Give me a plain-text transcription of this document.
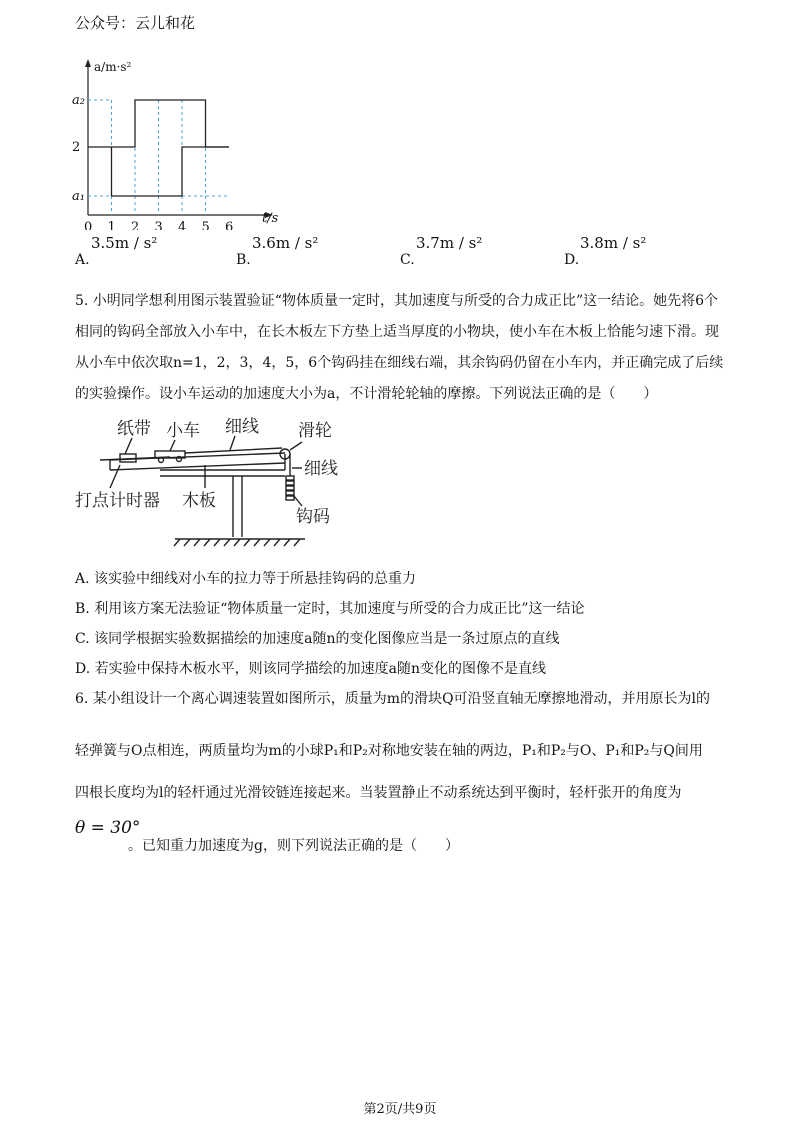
公众号：云儿和花
0 1 2 3 4 5 6
a₁
2
a₂
a/m·s²
t/s
A.
3.5m / s²
B.
3.6m / s²
C.
3.7m / s²
D.
3.8m / s²
5. 小明同学想利用图示装置验证“物体质量一定时，其加速度与所受的合力成正比”这一结论。她先将6个
相同的钩码全部放入小车中，在长木板左下方垫上适当厚度的小物块，使小车在木板上恰能匀速下滑。现
从小车中依次取n=1，2，3，4，5，6个钩码挂在细线右端，其余钩码仍留在小车内，并正确完成了后续
的实验操作。设小车运动的加速度大小为a，不计滑轮轮轴的摩擦。下列说法正确的是（　　）
纸带 小车 细线 滑轮
细线
打点计时器 木板
钩码
A. 该实验中细线对小车的拉力等于所悬挂钩码的总重力
B. 利用该方案无法验证“物体质量一定时，其加速度与所受的合力成正比”这一结论
C. 该同学根据实验数据描绘的加速度a随n的变化图像应当是一条过原点的直线
D. 若实验中保持木板水平，则该同学描绘的加速度a随n变化的图像不是直线
6. 某小组设计一个离心调速装置如图所示，质量为m的滑块Q可沿竖直轴无摩擦地滑动，并用原长为l的
轻弹簧与O点相连，两质量均为m的小球P₁和P₂对称地安装在轴的两边，P₁和P₂与O、P₁和P₂与Q间用
四根长度均为l的轻杆通过光滑铰链连接起来。当装置静止不动系统达到平衡时，轻杆张开的角度为
θ = 30°
。已知重力加速度为g，则下列说法正确的是（　　）
第2页/共9页
